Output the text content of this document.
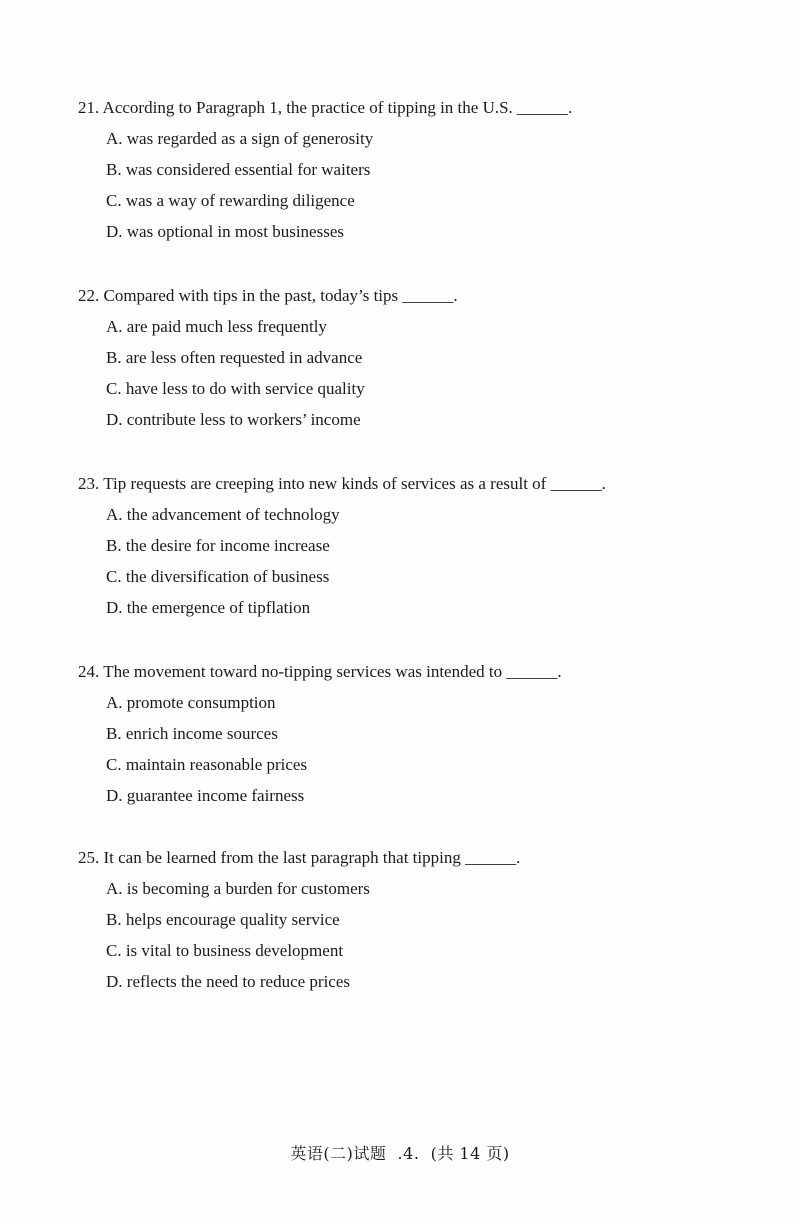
21. According to Paragraph 1, the practice of tipping in the U.S. ______.
A. was regarded as a sign of generosity
B. was considered essential for waiters
C. was a way of rewarding diligence
D. was optional in most businesses
22. Compared with tips in the past, today’s tips ______.
A. are paid much less frequently
B. are less often requested in advance
C. have less to do with service quality
D. contribute less to workers’ income
23. Tip requests are creeping into new kinds of services as a result of ______.
A. the advancement of technology
B. the desire for income increase
C. the diversification of business
D. the emergence of tipflation
24. The movement toward no-tipping services was intended to ______.
A. promote consumption
B. enrich income sources
C. maintain reasonable prices
D. guarantee income fairness
25. It can be learned from the last paragraph that tipping ______.
A. is becoming a burden for customers
B. helps encourage quality service
C. is vital to business development
D. reflects the need to reduce prices
英语(二)试题  .4.  (共 14 页)
